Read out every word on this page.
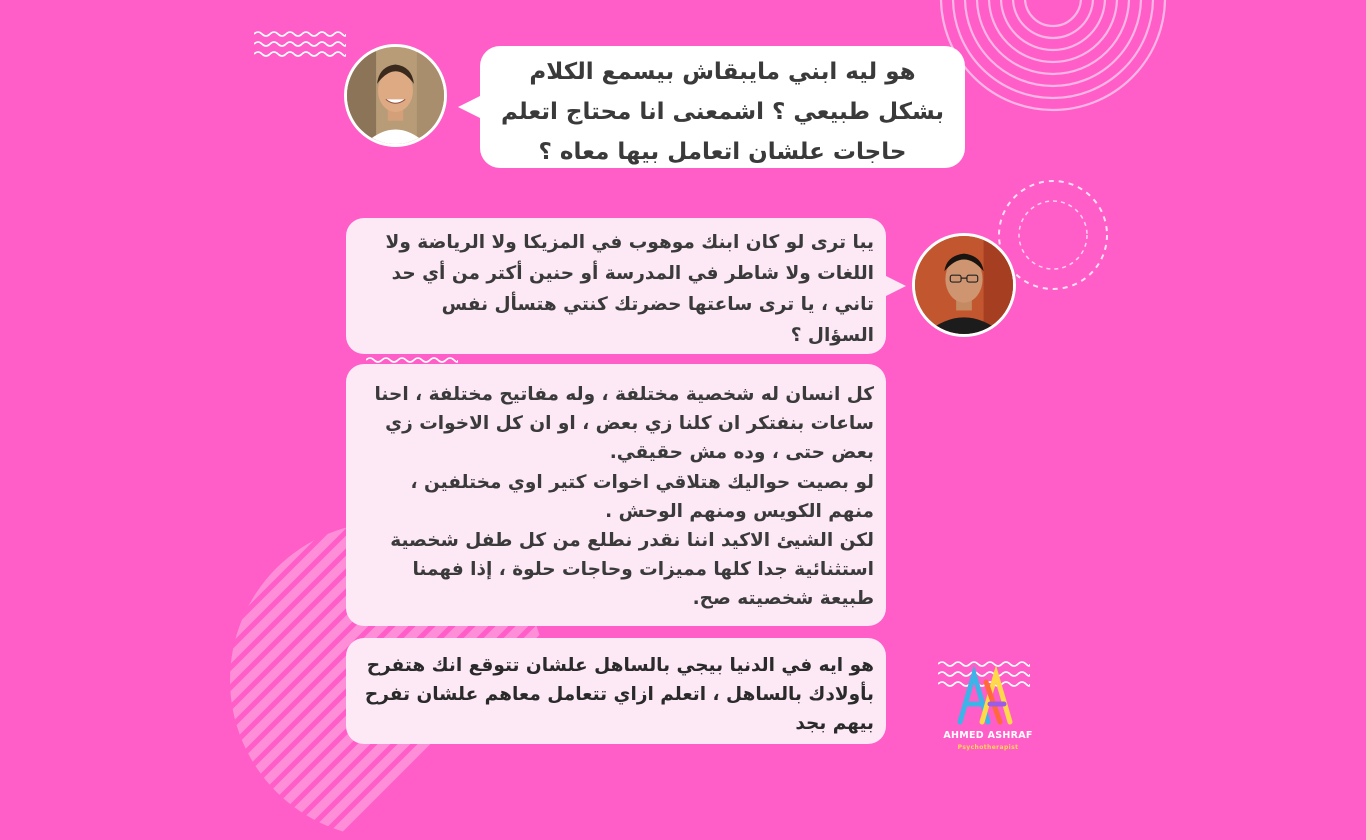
هو ليه ابني مايبقاش بيسمع الكلام
بشكل طبيعي ؟ اشمعنى انا محتاج اتعلم
حاجات علشان اتعامل بيها معاه ؟
يبا ترى لو كان ابنك موهوب في المزيكا ولا الرياضة ولا
اللغات ولا شاطر في المدرسة أو حنين أكتر من أي حد
تاني ، يا ترى ساعتها حضرتك كنتي هتسأل نفس
السؤال ؟
كل انسان له شخصية مختلفة ، وله مفاتيح مختلفة ، احنا
ساعات بنفتكر ان كلنا زي بعض ، او ان كل الاخوات زي
بعض حتى ، وده مش حقيقي.
لو بصيت حواليك هتلاقي اخوات كتير اوي مختلفين ،
منهم الكويس ومنهم الوحش .
لكن الشيئ الاكيد اننا نقدر نطلع من كل طفل شخصية
استثنائية جدا كلها مميزات وحاجات حلوة ، إذا فهمنا
طبيعة شخصيته صح.
هو ايه في الدنيا بيجي بالساهل علشان تتوقع انك هتفرح
بأولادك بالساهل ، اتعلم ازاي تتعامل معاهم علشان تفرح
بيهم بجد
AHMED ASHRAF
Psychotherapist
